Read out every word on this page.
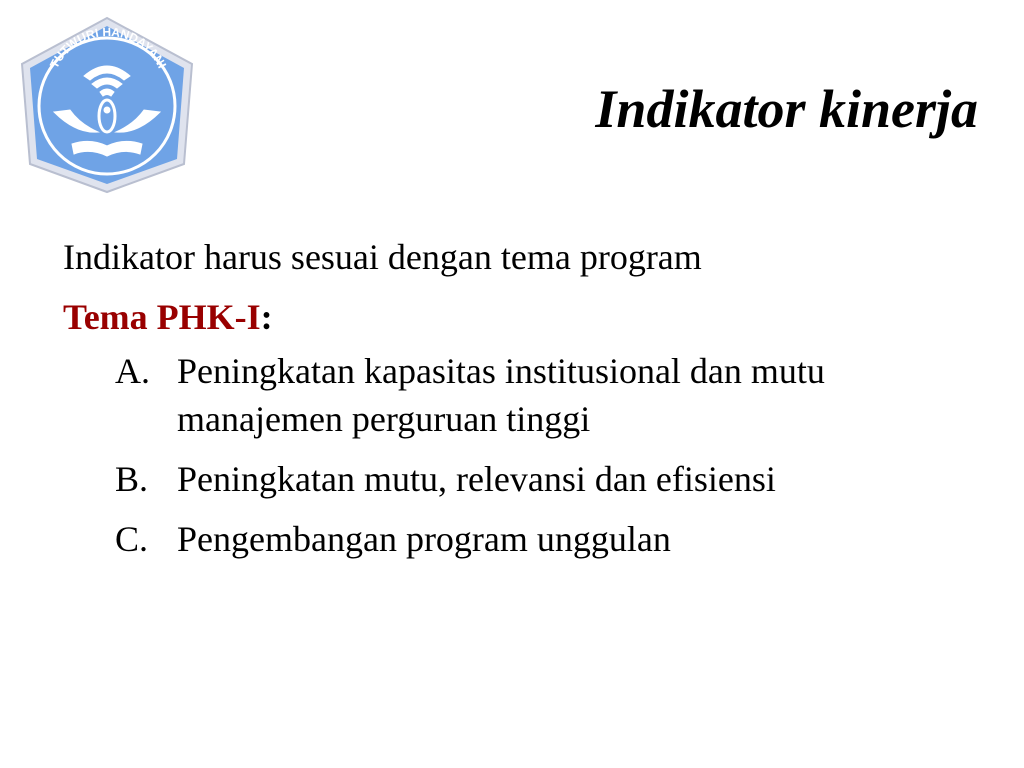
TUTWURI HANDAYANI
Indikator kinerja
Indikator harus sesuai dengan tema program
Tema PHK-I:
A. Peningkatan kapasitas institusional dan mutu manajemen perguruan tinggi
B. Peningkatan mutu, relevansi dan efisiensi
C. Pengembangan program unggulan
